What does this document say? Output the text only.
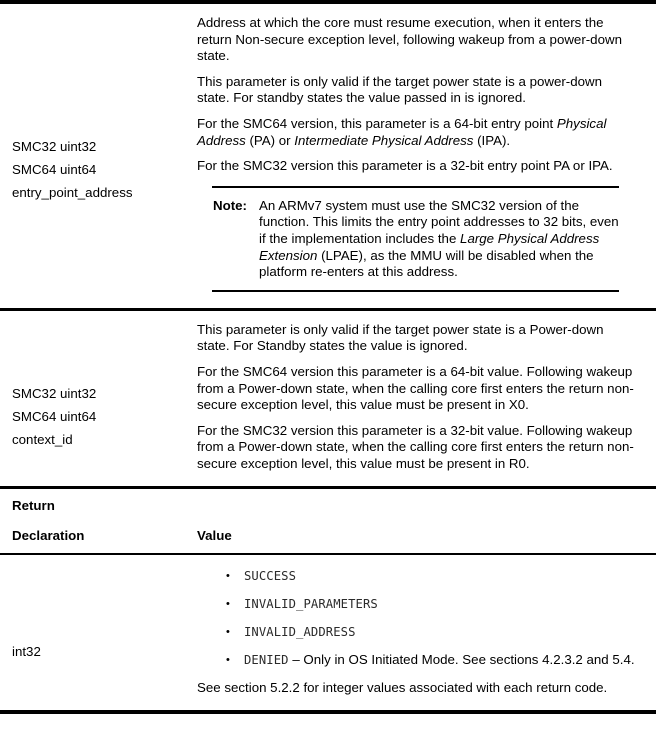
SMC32 uint32
SMC64 uint64
entry_point_address

Address at which the core must resume execution, when it enters the return Non-secure exception level, following wakeup from a power-down state.

This parameter is only valid if the target power state is a power-down state. For standby states the value passed in is ignored.

For the SMC64 version, this parameter is a 64-bit entry point Physical Address (PA) or Intermediate Physical Address (IPA).

For the SMC32 version this parameter is a 32-bit entry point PA or IPA.

Note: An ARMv7 system must use the SMC32 version of the function. This limits the entry point addresses to 32 bits, even if the implementation includes the Large Physical Address Extension (LPAE), as the MMU will be disabled when the platform re-enters at this address.
SMC32 uint32
SMC64 uint64
context_id

This parameter is only valid if the target power state is a Power-down state. For Standby states the value is ignored.

For the SMC64 version this parameter is a 64-bit value. Following wakeup from a Power-down state, when the calling core first enters the return non-secure exception level, this value must be present in X0.

For the SMC32 version this parameter is a 32-bit value. Following wakeup from a Power-down state, when the calling core first enters the return non-secure exception level, this value must be present in R0.

Return
Declaration	Value
int32
•
SUCCESS
•
INVALID_PARAMETERS
•
INVALID_ADDRESS
•
DENIED – Only in OS Initiated Mode. See sections 4.2.3.2 and 5.4.

See section 5.2.2 for integer values associated with each return code.
